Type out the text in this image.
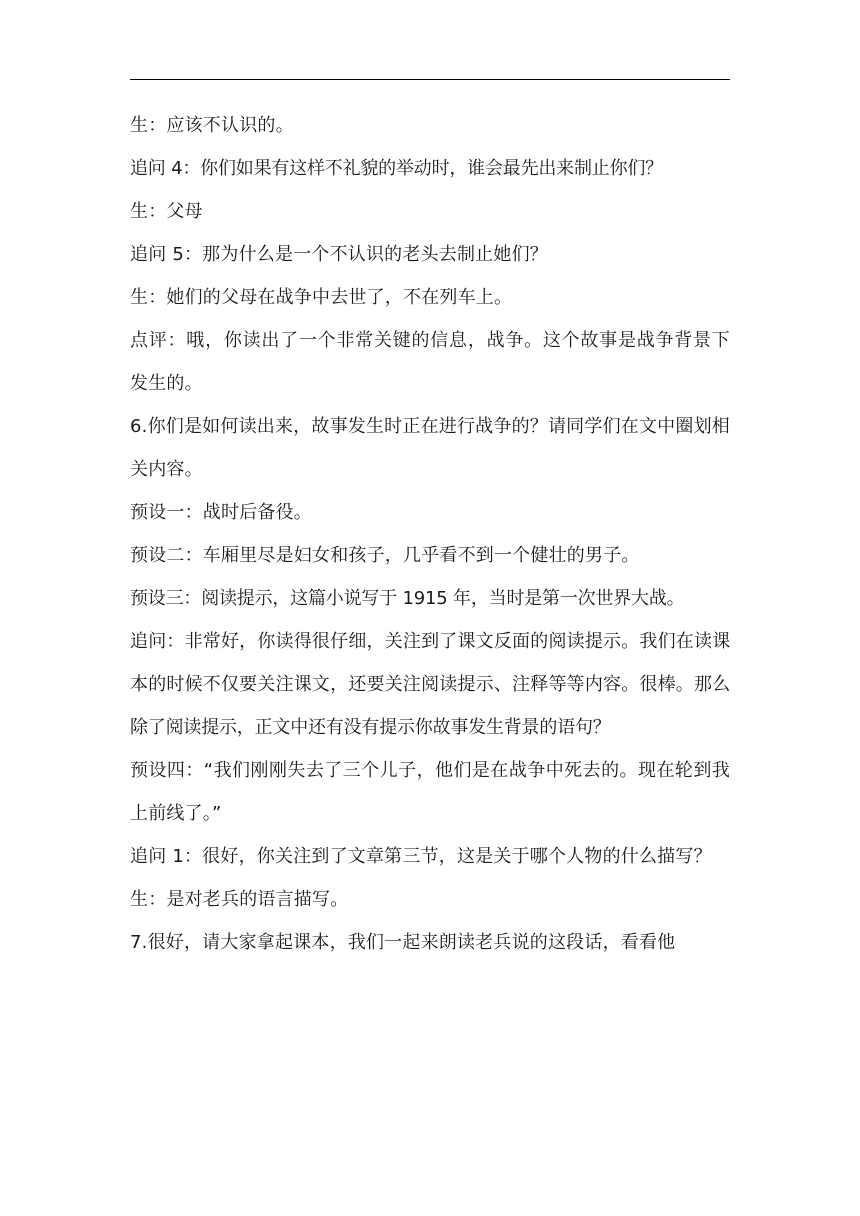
生：应该不认识的。

追问 4：你们如果有这样不礼貌的举动时，谁会最先出来制止你们？

生：父母

追问 5：那为什么是一个不认识的老头去制止她们？

生：她们的父母在战争中去世了，不在列车上。

点评：哦，你读出了一个非常关键的信息，战争。这个故事是战争背景下发生的。

6.你们是如何读出来，故事发生时正在进行战争的？请同学们在文中圈划相关内容。

预设一：战时后备役。

预设二：车厢里尽是妇女和孩子，几乎看不到一个健壮的男子。

预设三：阅读提示，这篇小说写于 1915 年，当时是第一次世界大战。

追问：非常好，你读得很仔细，关注到了课文反面的阅读提示。我们在读课本的时候不仅要关注课文，还要关注阅读提示、注释等等内容。很棒。那么除了阅读提示，正文中还有没有提示你故事发生背景的语句？

预设四：“我们刚刚失去了三个儿子，他们是在战争中死去的。现在轮到我上前线了。”

追问 1：很好，你关注到了文章第三节，这是关于哪个人物的什么描写？

生：是对老兵的语言描写。

7.很好，请大家拿起课本，我们一起来朗读老兵说的这段话，看看他
